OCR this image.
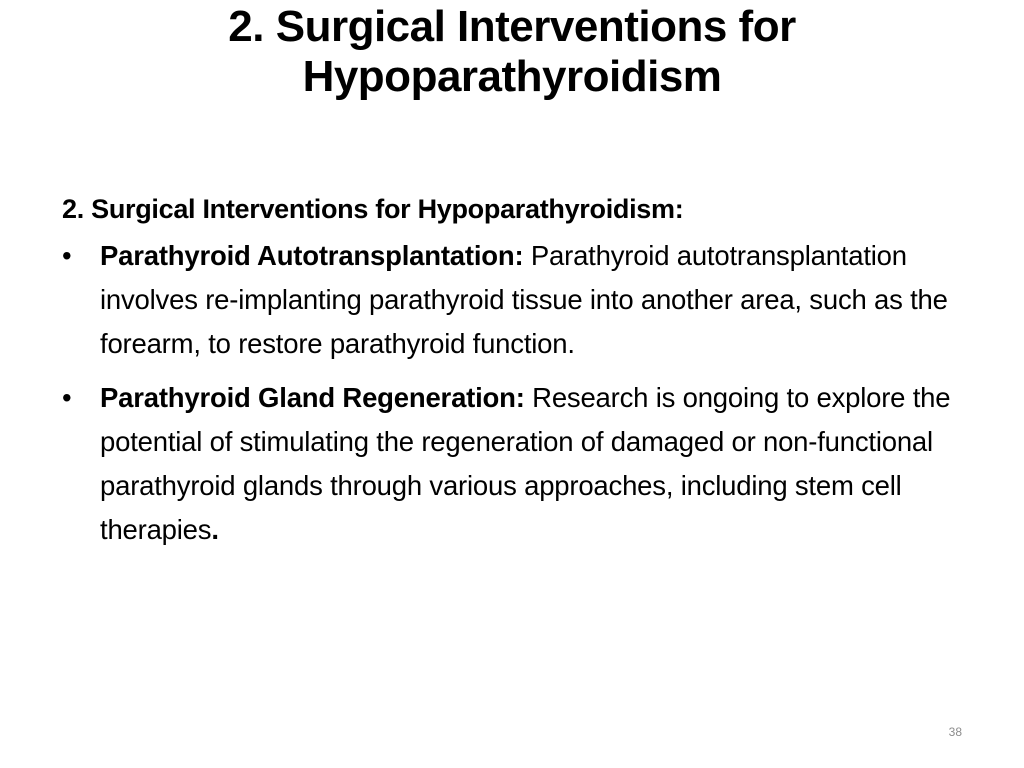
2. Surgical Interventions for
Hypoparathyroidism

2. Surgical Interventions for Hypoparathyroidism:

•	Parathyroid Autotransplantation: Parathyroid autotransplantation involves re-implanting parathyroid tissue into another area, such as the forearm, to restore parathyroid function.
•	Parathyroid Gland Regeneration: Research is ongoing to explore the potential of stimulating the regeneration of damaged or non-functional parathyroid glands through various approaches, including stem cell therapies.
38
